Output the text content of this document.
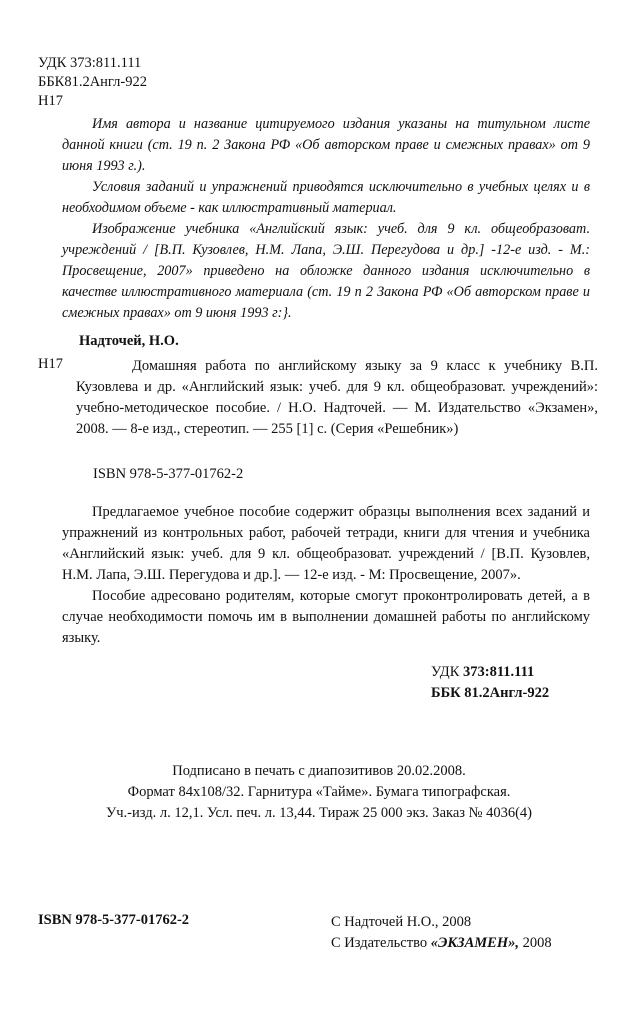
УДК 373:811.111
ББК81.2Англ-922
Н17

Имя автора и название цитируемого издания указаны на титульном листе данной книги (ст. 19 п. 2 Закона РФ «Об авторском праве и смежных правах» от 9 июня 1993 г.).

Условия заданий и упражнений приводятся исключительно в учебных целях и в необходимом объеме - как иллюстративный материал.

Изображение учебника «Английский язык: учеб. для 9 кл. общеобразоват. учреждений / [В.П. Кузовлев, Н.М. Лапа, Э.Ш. Перегудова и др.] -12-е изд. - М.: Просвещение, 2007» приведено на обложке данного издания исключительно в качестве иллюстративного материала (ст. 19 п 2 Закона РФ «Об авторском праве и смежных правах» от 9 июня 1993 г:}.

Надточей, Н.О.
Н17	Домашняя работа по английскому языку за 9 класс к учебнику В.П. Кузовлева и др. «Английский язык: учеб. для 9 кл. общеобразоват. учреждений»: учебно-методическое пособие. / Н.О. Надточей. — М. Издательство «Экзамен», 2008. — 8-е изд., стереотип. — 255 [1] с. (Серия «Решебник»)
ISBN 978-5-377-01762-2

Предлагаемое учебное пособие содержит образцы выполнения всех заданий и упражнений из контрольных работ, рабочей тетради, книги для чтения и учебника «Английский язык: учеб. для 9 кл. общеобразоват. учреждений / [В.П. Кузовлев, Н.М. Лапа, Э.Ш. Перегудова и др.]. — 12-е изд. - М: Просвещение, 2007».

Пособие адресовано родителям, которые смогут проконтролировать детей, а в случае необходимости помочь им в выполнении домашней работы по английскому языку.

УДК 373:811.111
ББК 81.2Англ-922
Подписано в печать с диапозитивов 20.02.2008.
Формат 84x108/32. Гарнитура «Тайме». Бумага типографская.
Уч.-изд. л. 12,1. Усл. печ. л. 13,44. Тираж 25 000 экз. Заказ № 4036(4)
ISBN 978-5-377-01762-2	С Надточей Н.О., 2008
С Издательство «ЭКЗАМЕН», 2008
